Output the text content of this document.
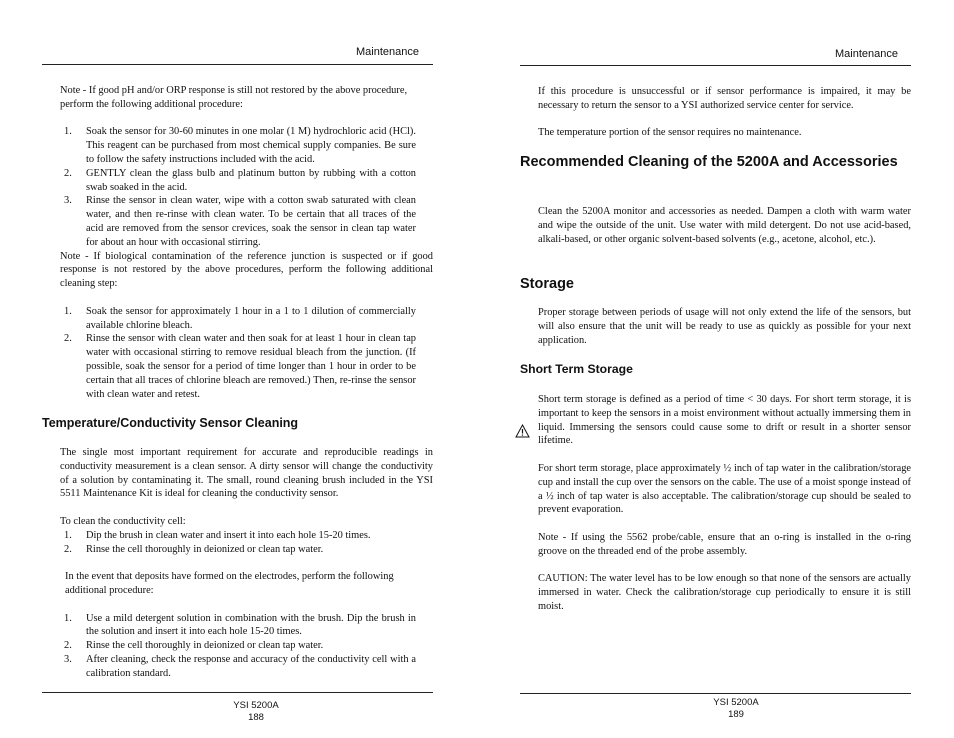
Maintenance

Note - If good pH and/or ORP response is still not restored by the above procedure, perform the following additional procedure:

1. Soak the sensor for 30-60 minutes in one molar (1 M) hydrochloric acid (HCl). This reagent can be purchased from most chemical supply companies. Be sure to follow the safety instructions included with the acid.
2. GENTLY clean the glass bulb and platinum button by rubbing with a cotton swab soaked in the acid.
3. Rinse the sensor in clean water, wipe with a cotton swab saturated with clean water, and then re-rinse with clean water. To be certain that all traces of the acid are removed from the sensor crevices, soak the sensor in clean tap water for about an hour with occasional stirring.

Note - If biological contamination of the reference junction is suspected or if good response is not restored by the above procedures, perform the following additional cleaning step:

1. Soak the sensor for approximately 1 hour in a 1 to 1 dilution of commercially available chlorine bleach.
2. Rinse the sensor with clean water and then soak for at least 1 hour in clean tap water with occasional stirring to remove residual bleach from the junction. (If possible, soak the sensor for a period of time longer than 1 hour in order to be certain that all traces of chlorine bleach are removed.) Then, re-rinse the sensor with clean water and retest.
Temperature/Conductivity Sensor Cleaning

The single most important requirement for accurate and reproducible readings in conductivity measurement is a clean sensor. A dirty sensor will change the conductivity of a solution by contaminating it. The small, round cleaning brush included in the YSI 5511 Maintenance Kit is ideal for cleaning the conductivity sensor.

To clean the conductivity cell:

1. Dip the brush in clean water and insert it into each hole 15-20 times.
2. Rinse the cell thoroughly in deionized or clean tap water.

In the event that deposits have formed on the electrodes, perform the following additional procedure:

1. Use a mild detergent solution in combination with the brush. Dip the brush in the solution and insert it into each hole 15-20 times.
2. Rinse the cell thoroughly in deionized or clean tap water.
3. After cleaning, check the response and accuracy of the conductivity cell with a calibration standard.
YSI 5200A
188
Maintenance

If this procedure is unsuccessful or if sensor performance is impaired, it may be necessary to return the sensor to a YSI authorized service center for service.

The temperature portion of the sensor requires no maintenance.

Recommended Cleaning of the 5200A and Accessories

Clean the 5200A monitor and accessories as needed. Dampen a cloth with warm water and wipe the outside of the unit. Use water with mild detergent. Do not use acid-based, alkali-based, or other organic solvent-based solvents (e.g., acetone, alcohol, etc.).

Storage

Proper storage between periods of usage will not only extend the life of the sensors, but will also ensure that the unit will be ready to use as quickly as possible for your next application.

Short Term Storage

Short term storage is defined as a period of time < 30 days. For short term storage, it is important to keep the sensors in a moist environment without actually immersing them in liquid. Immersing the sensors could cause some to drift or result in a shorter sensor lifetime.

For short term storage, place approximately ½ inch of tap water in the calibration/storage cup and install the cup over the sensors on the cable. The use of a moist sponge instead of a ½ inch of tap water is also acceptable. The calibration/storage cup should be sealed to prevent evaporation.

Note - If using the 5562 probe/cable, ensure that an o-ring is installed in the o-ring groove on the threaded end of the probe assembly.

CAUTION: The water level has to be low enough so that none of the sensors are actually immersed in water. Check the calibration/storage cup periodically to ensure it is still moist.

YSI 5200A
189
